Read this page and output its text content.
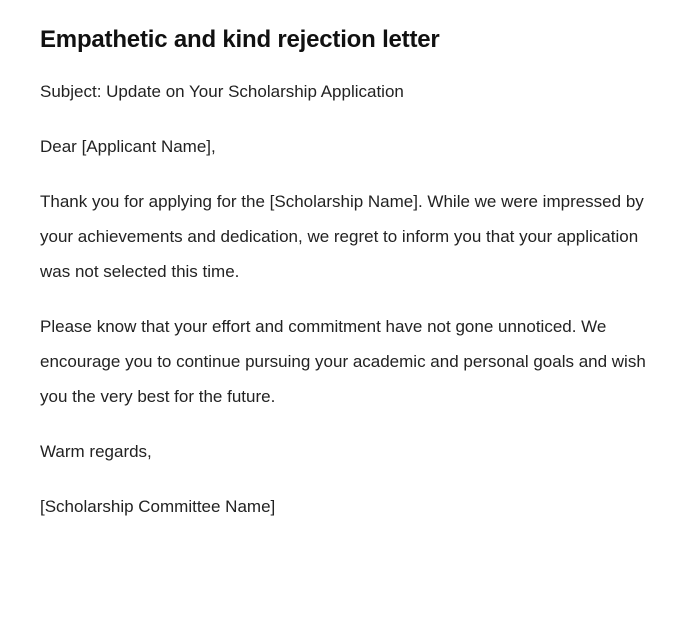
Empathetic and kind rejection letter

Subject: Update on Your Scholarship Application

Dear [Applicant Name],

Thank you for applying for the [Scholarship Name]. While we were impressed by your achievements and dedication, we regret to inform you that your application was not selected this time.

Please know that your effort and commitment have not gone unnoticed. We encourage you to continue pursuing your academic and personal goals and wish you the very best for the future.

Warm regards,

[Scholarship Committee Name]
